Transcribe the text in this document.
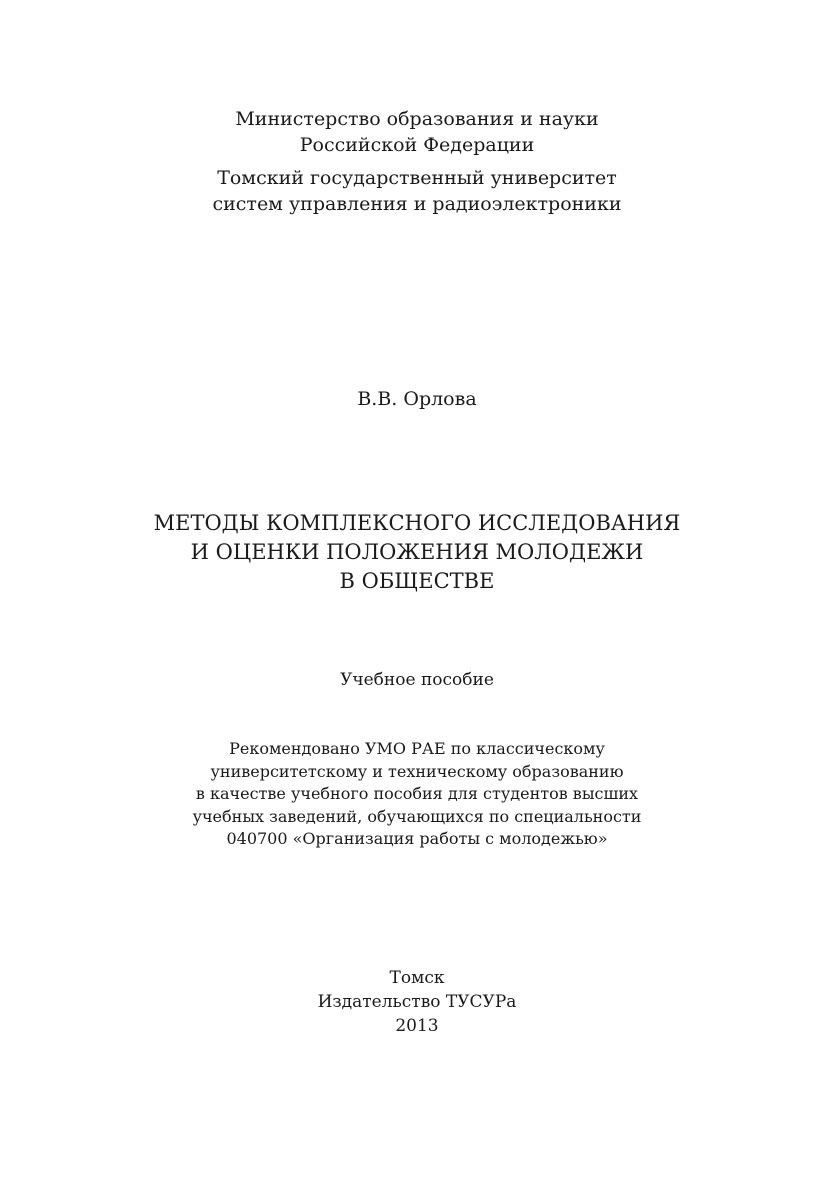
Министерство образования и науки
Российской Федерации
Томский государственный университет
систем управления и радиоэлектроники
В.В. Орлова
МЕТОДЫ КОМПЛЕКСНОГО ИССЛЕДОВАНИЯ
И ОЦЕНКИ ПОЛОЖЕНИЯ МОЛОДЕЖИ
В ОБЩЕСТВЕ
Учебное пособие
Рекомендовано УМО РАЕ по классическому
университетскому и техническому образованию
в качестве учебного пособия для студентов высших
учебных заведений, обучающихся по специальности
040700 «Организация работы с молодежью»
Томск
Издательство ТУСУРа
2013
